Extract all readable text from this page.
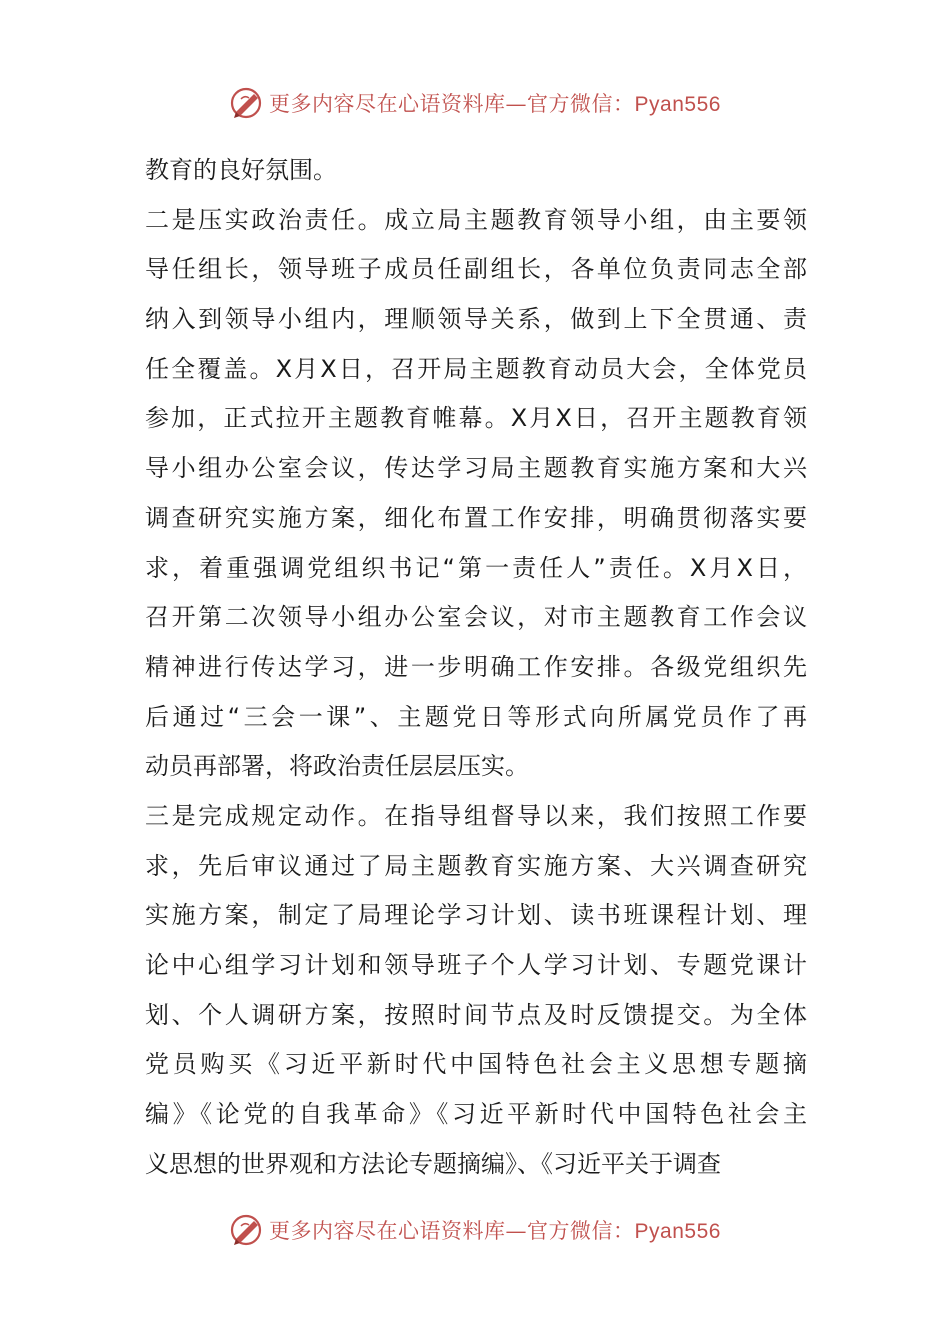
更多内容尽在心语资料库—官方微信：Pyan556
教育的良好氛围。
二是压实政治责任。成立局主题教育领导小组，由主要领
导任组长，领导班子成员任副组长，各单位负责同志全部
纳入到领导小组内，理顺领导关系，做到上下全贯通、责
任全覆盖。X月X日，召开局主题教育动员大会，全体党员
参加，正式拉开主题教育帷幕。X月X日，召开主题教育领
导小组办公室会议，传达学习局主题教育实施方案和大兴
调查研究实施方案，细化布置工作安排，明确贯彻落实要
求，着重强调党组织书记“第一责任人”责任。X月X日，
召开第二次领导小组办公室会议，对市主题教育工作会议
精神进行传达学习，进一步明确工作安排。各级党组织先
后通过“三会一课”、主题党日等形式向所属党员作了再
动员再部署，将政治责任层层压实。
三是完成规定动作。在指导组督导以来，我们按照工作要
求，先后审议通过了局主题教育实施方案、大兴调查研究
实施方案，制定了局理论学习计划、读书班课程计划、理
论中心组学习计划和领导班子个人学习计划、专题党课计
划、个人调研方案，按照时间节点及时反馈提交。为全体
党员购买《习近平新时代中国特色社会主义思想专题摘
编》《论党的自我革命》《习近平新时代中国特色社会主
义思想的世界观和方法论专题摘编》、《习近平关于调查
更多内容尽在心语资料库—官方微信：Pyan556
